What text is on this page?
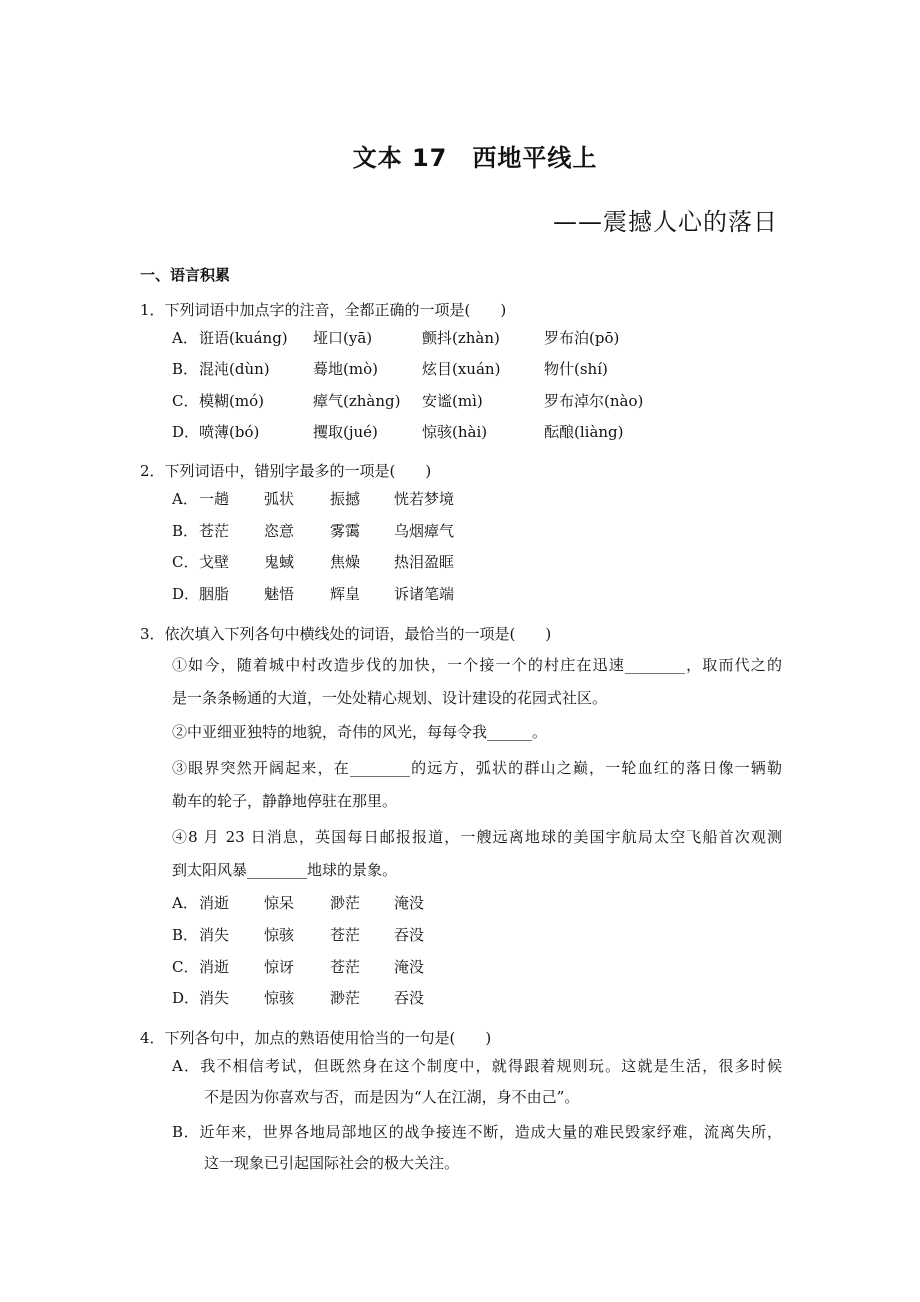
文本 17　西地平线上
——震撼人心的落日
一、语言积累
1．下列词语中加点字的注音，全都正确的一项是(　　)
A． 诳语(kuáng) 垭口(yā)	颤抖(zhàn)	罗布泊(pō)
B． 混沌(dùn)	蓦地(mò)	炫目(xuán)	物什(shí)
C． 模糊(mó)	瘴气(zhàng) 安谧(mì)	罗布淖尔(nào)
D． 喷薄(bó)	攫取(jué)	惊骇(hài)	酝酿(liàng)
2．下列词语中，错别字最多的一项是(　　)
A． 一趟 弧状 振撼 恍若梦境
B． 苍茫 恣意 雾霭 乌烟瘴气
C． 戈壁 鬼蜮 焦燥 热泪盈眶
D． 胭脂 魅悟 辉皇 诉诸笔端
3．依次填入下列各句中横线处的词语，最恰当的一项是(　　)
①如今，随着城中村改造步伐的加快，一个接一个的村庄在迅速________，取而代之的
是一条条畅通的大道，一处处精心规划、设计建设的花园式社区。
②中亚细亚独特的地貌，奇伟的风光，每每令我______。
③眼界突然开阔起来，在________的远方，弧状的群山之巅，一轮血红的落日像一辆勒
勒车的轮子，静静地停驻在那里。
④8 月 23 日消息，英国每日邮报报道，一艘远离地球的美国宇航局太空飞船首次观测
到太阳风暴________地球的景象。
A． 消逝 惊呆 渺茫 淹没
B． 消失 惊骇 苍茫 吞没
C． 消逝 惊讶 苍茫 淹没
D． 消失 惊骇 渺茫 吞没
4．下列各句中，加点的熟语使用恰当的一句是(　　)
A．我不相信考试，但既然身在这个制度中，就得跟着规则玩。这就是生活，很多时候
不是因为你喜欢与否，而是因为“人在江湖，身不由己”。
B．近年来，世界各地局部地区的战争接连不断，造成大量的难民毁家纾难，流离失所，
这一现象已引起国际社会的极大关注。
